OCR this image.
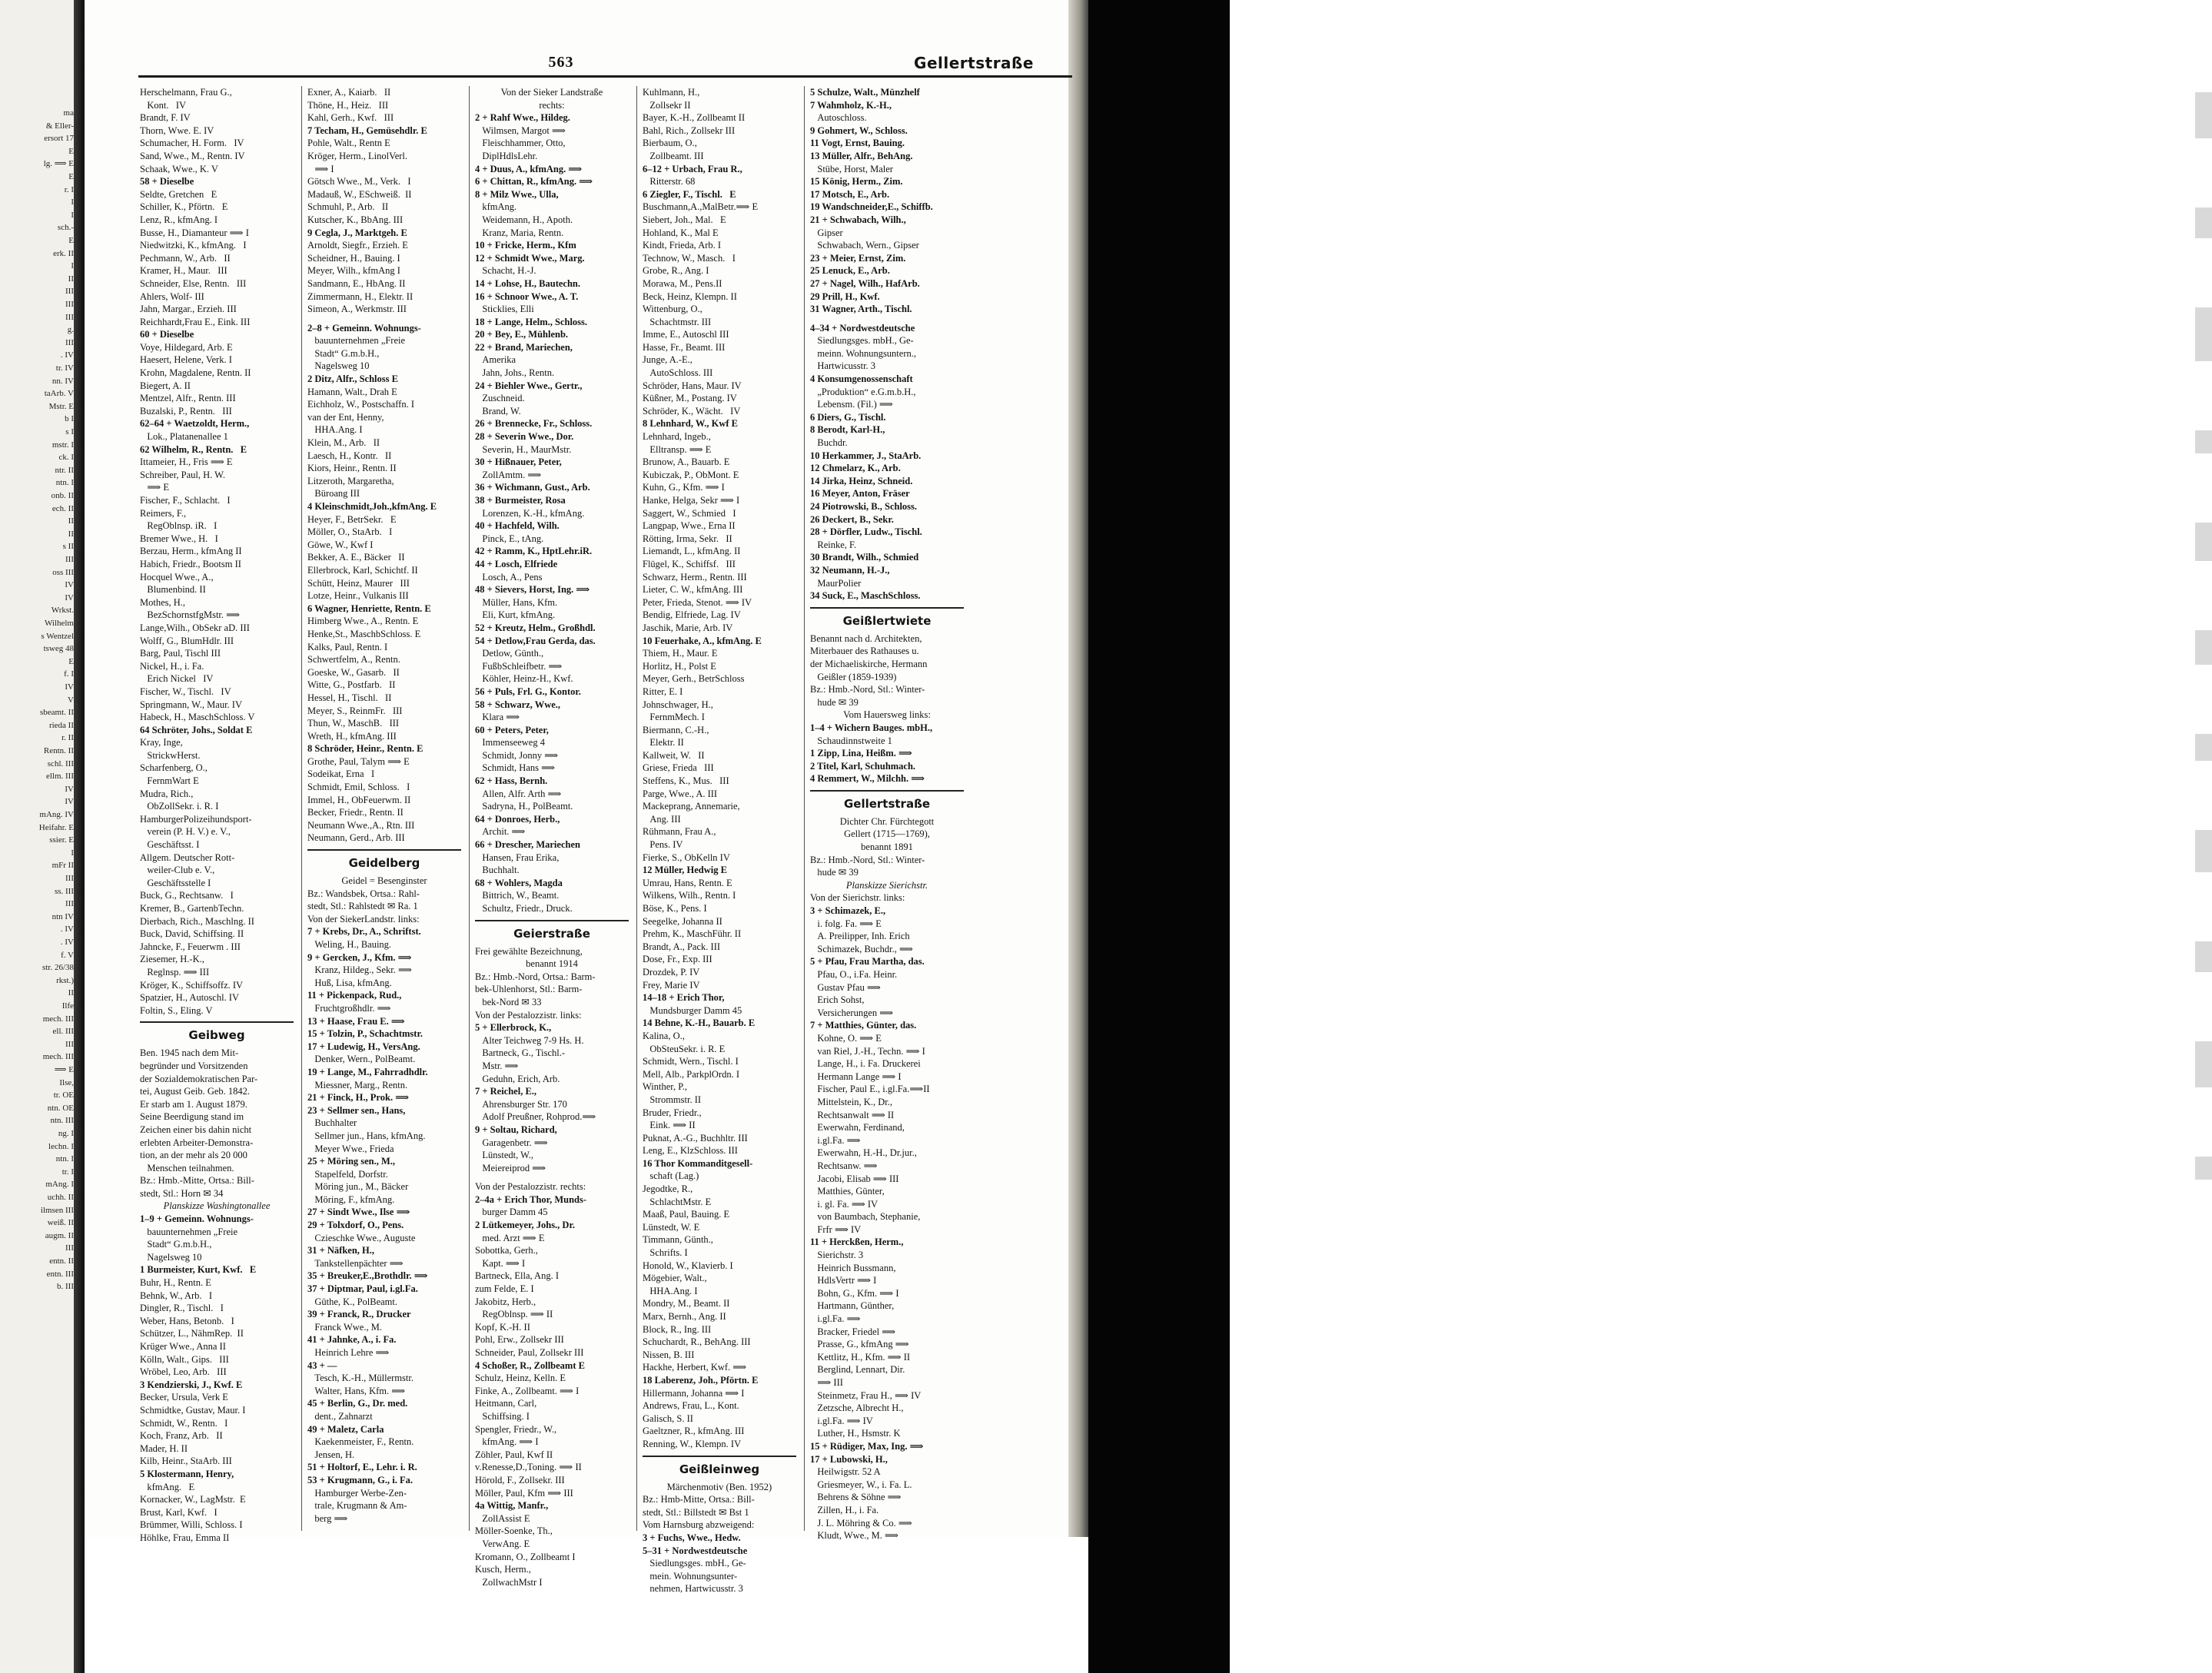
ma
& Eller-
ersort 17
E
lg. ⟹ E
E
r. I
I
I
sch.-
E
erk. II
I
II
III
III
III
g.
III
. IV
tr. IV
nn. IV
taArb. V
Mstr. E
b I
s I
mstr. I
ck. I
ntr. II
ntn. I
onb. II
ech. II
II
II
s II
III
oss III
IV
IV
Wrkst.
Wilhelm
s Wentzel
tsweg 48
E
f. I
IV
V
sbeamt. II
rieda II
r. II
Rentn. II
schl. III
ellm. III
IV
IV
mAng. IV
Heifahr. E
ssier. E
I
mFr II
III
ss. III
III
ntn IV
. IV
. IV
f. V
str. 26/38
rkst.)
II
Ilfe
mech. III
ell. III
III
mech. III
⟹ E
Ilse,
tr. OE
ntn. OE
ntn. III
ng. I
lechn. I
ntn. I
tr. I
mAng. I
uchh. II
ilmsen III
weiß. II
augm. II
III
entn. II
entn. III
b. III
563	Gellertstraße
Herschelmann, Frau G.,
Kont.   IV
Brandt, F. IV
Thorn, Wwe. E. IV
Schumacher, H. Form.   IV
Sand, Wwe., M., Rentn. IV
Schaak, Wwe., K. V
58 + Dieselbe
Seldte, Gretchen   E
Schiller, K., Pförtn.   E
Lenz, R., kfmAng. I
Busse, H., Diamanteur ⟹ I
Niedwitzki, K., kfmAng.   I
Pechmann, W., Arb.   II
Kramer, H., Maur.   III
Schneider, Else, Rentn.   III
Ahlers, Wolf- III
Jahn, Margar., Erzieh. III
Reichhardt,Frau E., Eink. III
60 + Dieselbe
Voye, Hildegard, Arb. E
Haesert, Helene, Verk. I
Krohn, Magdalene, Rentn. II
Biegert, A. II
Mentzel, Alfr., Rentn. III
Buzalski, P., Rentn.   III
62–64 + Waetzoldt, Herm.,
Lok., Platanenallee 1
62 Wilhelm, R., Rentn.   E
Ittameier, H., Fris ⟹ E
Schreiber, Paul, H. W.
⟹ E
Fischer, F., Schlacht.   I
Reimers, F.,
RegOblnsp. iR.   I
Bremer Wwe., H.   I
Berzau, Herm., kfmAng II
Habich, Friedr., Bootsm II
Hocquel Wwe., A.,
Blumenbind. II
Mothes, H.,
BezSchornstfgMstr. ⟹
Lange,Wilh., ObSekr aD. III
Wolff, G., BlumHdlr. III
Barg, Paul, Tischl III
Nickel, H., i. Fa.
Erich Nickel   IV
Fischer, W., Tischl.   IV
Springmann, W., Maur. IV
Habeck, H., MaschSchloss. V
64 Schröter, Johs., Soldat E
Kray, Inge,
StrickwHerst.
Scharfenberg, O.,
FernmWart E
Mudra, Rich.,
ObZollSekr. i. R. I
HamburgerPolizeihundsport-
verein (P. H. V.) e. V.,
Geschäftsst. I
Allgem. Deutscher Rott-
weiler-Club e. V.,
Geschäftsstelle I
Buck, G., Rechtsanw.   I
Kremer, B., GartenbTechn.
Dierbach, Rich., Maschlng. II
Buck, David, Schiffsing. II
Jahncke, F., Feuerwm . III
Ziesemer, H.-K.,
Reglnsp. ⟹ III
Kröger, K., Schiffsoffz. IV
Spatzier, H., Autoschl. IV
Foltin, S., Eling. V
Geibweg
Ben. 1945 nach dem Mit-
begründer und Vorsitzenden
der Sozialdemokratischen Par-
tei, August Geib. Geb. 1842.
Er starb am 1. August 1879.
Seine Beerdigung stand im
Zeichen einer bis dahin nicht
erlebten Arbeiter-Demonstra-
tion, an der mehr als 20 000
Menschen teilnahmen.
Bz.: Hmb.-Mitte, Ortsa.: Bill-
stedt, Stl.: Horn ✉ 34
Planskizze Washingtonallee
1–9 + Gemeinn. Wohnungs-
bauunternehmen „Freie
Stadt“ G.m.b.H.,
Nagelsweg 10
1 Burmeister, Kurt, Kwf.   E
Buhr, H., Rentn. E
Behnk, W., Arb.   I
Dingler, R., Tischl.   I
Weber, Hans, Betonb.   I
Schützer, L., NähmRep.  II
Krüger Wwe., Anna II
Kölln, Walt., Gips.   III
Wröbel, Leo, Arb.   III
3 Kendzierski, J., Kwf. E
Becker, Ursula, Verk E
Schmidtke, Gustav, Maur. I
Schmidt, W., Rentn.   I
Koch, Franz, Arb.   II
Mader, H. II
Kilb, Heinr., StaArb. III
5 Klostermann, Henry,
kfmAng.   E
Kornacker, W., LagMstr.  E
Brust, Karl, Kwf.   I
Brümmer, Willi, Schloss. I
Höhlke, Frau, Emma II
Exner, A., Kaiarb.   II
Thöne, H., Heiz.   III
Kahl, Gerh., Kwf.   III
7 Techam, H., Gemüsehdlr. E
Pohle, Walt., Rentn E
Kröger, Herm., LinolVerl.
⟹ I
Götsch Wwe., M., Verk.   I
Madauß, W., ESchweiß.  II
Schmuhl, P., Arb.   II
Kutscher, K., BbAng. III
9 Cegla, J., Marktgeh. E
Arnoldt, Siegfr., Erzieh. E
Scheidner, H., Bauing. I
Meyer, Wilh., kfmAng I
Sandmann, E., HbAng. II
Zimmermann, H., Elektr. II
Simeon, A., Werkmstr. III
2–8 + Gemeinn. Wohnungs-
bauunternehmen „Freie
Stadt“ G.m.b.H.,
Nagelsweg 10
2 Ditz, Alfr., Schloss E
Hamann, Walt., Drah E
Eichholz, W., Postschaffn. I
van der Ent, Henny,
HHA.Ang. I
Klein, M., Arb.   II
Laesch, H., Kontr.   II
Kiors, Heinr., Rentn. II
Litzeroth, Margaretha,
Büroang III
4 Kleinschmidt,Joh.,kfmAng. E
Heyer, F., BetrSekr.   E
Möller, O., StaArb.   I
Göwe, W., Kwf I
Bekker, A. E., Bäcker   II
Ellerbrock, Karl, Schichtf. II
Schütt, Heinz, Maurer   III
Lotze, Heinr., Vulkanis III
6 Wagner, Henriette, Rentn. E
Himberg Wwe., A., Rentn. E
Henke,St., MaschbSchloss. E
Kalks, Paul, Rentn. I
Schwertfelm, A., Rentn.
Goeske, W., Gasarb.   II
Witte, G., Postfarb.   II
Hessel, H., Tischl.   II
Meyer, S., ReinmFr.   III
Thun, W., MaschB.   III
Wreth, H., kfmAng. III
8 Schröder, Heinr., Rentn. E
Grothe, Paul, Talym ⟹ E
Sodeikat, Erna   I
Schmidt, Emil, Schloss.   I
Immel, H., ObFeuerwm. II
Becker, Friedr., Rentn. II
Neumann Wwe.,A., Rtn. III
Neumann, Gerd., Arb. III
Geidelberg
Geidel = Besenginster
Bz.: Wandsbek, Ortsa.: Rahl-
stedt, Stl.: Rahlstedt ✉ Ra. 1
Von der SiekerLandstr. links:
7 + Krebs, Dr., A., Schriftst.
Weling, H., Bauing.
9 + Gercken, J., Kfm. ⟹
Kranz, Hildeg., Sekr. ⟹
Huß, Lisa, kfmAng.
11 + Pickenpack, Rud.,
Fruchtgroßhdlr. ⟹
13 + Haase, Frau E. ⟹
15 + Tolzin, P., Schachtmstr.
17 + Ludewig, H., VersAng.
Denker, Wern., PolBeamt.
19 + Lange, M., Fahrradhdlr.
Miessner, Marg., Rentn.
21 + Finck, H., Prok. ⟹
23 + Sellmer sen., Hans,
Buchhalter
Sellmer jun., Hans, kfmAng.
Meyer Wwe., Frieda
25 + Möring sen., M.,
Stapelfeld, Dorfstr.
Möring jun., M., Bäcker
Möring, F., kfmAng.
27 + Sindt Wwe., Ilse ⟹
29 + Tolxdorf, O., Pens.
Czieschke Wwe., Auguste
31 + Näfken, H.,
Tankstellenpächter ⟹
35 + Breuker,E.,Brothdlr. ⟹
37 + Diptmar, Paul, i.gl.Fa.
Güthe, K., PolBeamt.
39 + Franck, R., Drucker
Franck Wwe., M.
41 + Jahnke, A., i. Fa.
Heinrich Lehre ⟹
43 + —
Tesch, K.-H., Müllermstr.
Walter, Hans, Kfm. ⟹
45 + Berlin, G., Dr. med.
dent., Zahnarzt
49 + Maletz, Carla
Kaekenmeister, F., Rentn.
Jensen, H.
51 + Holtorf, E., Lehr. i. R.
53 + Krugmann, G., i. Fa.
Hamburger Werbe-Zen-
trale, Krugmann & Am-
berg ⟹
Von der Sieker Landstraße
rechts:
2 + Rahf Wwe., Hildeg.
Wilmsen, Margot ⟹
Fleischhammer, Otto,
DiplHdlsLehr.
4 + Duus, A., kfmAng. ⟹
6 + Chittan, R., kfmAng. ⟹
8 + Milz Wwe., Ulla,
kfmAng.
Weidemann, H., Apoth.
Kranz, Maria, Rentn.
10 + Fricke, Herm., Kfm
12 + Schmidt Wwe., Marg.
Schacht, H.-J.
14 + Lohse, H., Bautechn.
16 + Schnoor Wwe., A. T.
Sticklies, Elli
18 + Lange, Helm., Schloss.
20 + Bey, E., Mühlenb.
22 + Brand, Mariechen,
Amerika
Jahn, Johs., Rentn.
24 + Biehler Wwe., Gertr.,
Zuschneid.
Brand, W.
26 + Brennecke, Fr., Schloss.
28 + Severin Wwe., Dor.
Severin, H., MaurMstr.
30 + Hißnauer, Peter,
ZollAmtm. ⟹
36 + Wichmann, Gust., Arb.
38 + Burmeister, Rosa
Lorenzen, K.-H., kfmAng.
40 + Hachfeld, Wilh.
Pinck, E., tAng.
42 + Ramm, K., HptLehr.iR.
44 + Losch, Elfriede
Losch, A., Pens
48 + Sievers, Horst, Ing. ⟹
Müller, Hans, Kfm.
Eli, Kurt, kfmAng.
52 + Kreutz, Helm., Großhdl.
54 + Detlow,Frau Gerda, das.
Detlow, Günth.,
FußbSchleifbetr. ⟹
Köhler, Heinz-H., Kwf.
56 + Puls, Frl. G., Kontor.
58 + Schwarz, Wwe.,
Klara ⟹
60 + Peters, Peter,
Immenseeweg 4
Schmidt, Jonny ⟹
Schmidt, Hans ⟹
62 + Hass, Bernh.
Allen, Alfr. Arth ⟹
Sadryna, H., PolBeamt.
64 + Donroes, Herb.,
Archit. ⟹
66 + Drescher, Mariechen
Hansen, Frau Erika,
Buchhalt.
68 + Wohlers, Magda
Bittrich, W., Beamt.
Schultz, Friedr., Druck.
Geierstraße
Frei gewählte Bezeichnung,
benannt 1914
Bz.: Hmb.-Nord, Ortsa.: Barm-
bek-Uhlenhorst, Stl.: Barm-
bek-Nord ✉ 33
Von der Pestalozzistr. links:
5 + Ellerbrock, K.,
Alter Teichweg 7-9 Hs. H.
Bartneck, G., Tischl.-
Mstr. ⟹
Geduhn, Erich, Arb.
7 + Reichel, E.,
Ahrensburger Str. 170
Adolf Preußner, Rohprod.⟹
9 + Soltau, Richard,
Garagenbetr. ⟹
Lünstedt, W.,
Meiereiprod ⟹
Von der Pestalozzistr. rechts:
2–4a + Erich Thor, Munds-
burger Damm 45
2 Lütkemeyer, Johs., Dr.
med. Arzt ⟹ E
Sobottka, Gerh.,
Kapt. ⟹ I
Bartneck, Ella, Ang. I
zum Felde, E. I
Jakobitz, Herb.,
RegOblnsp. ⟹ II
Kopf, K.-H. II
Pohl, Erw., Zollsekr III
Schneider, Paul, Zollsekr III
4 Schoßer, R., Zollbeamt E
Schulz, Heinz, Kelln. E
Finke, A., Zollbeamt. ⟹ I
Heitmann, Carl,
Schiffsing. I
Spengler, Friedr., W.,
kfmAng. ⟹ I
Zöhler, Paul, Kwf II
v.Renesse,D.,Toning. ⟹ II
Hörold, F., Zollsekr. III
Möller, Paul, Kfm ⟹ III
4a Wittig, Manfr.,
ZollAssist E
Möller-Soenke, Th.,
VerwAng. E
Kromann, O., Zollbeamt I
Kusch, Herm.,
ZollwachMstr I
Kuhlmann, H.,
Zollsekr II
Bayer, K.-H., Zollbeamt II
Bahl, Rich., Zollsekr III
Bierbaum, O.,
Zollbeamt. III
6–12 + Urbach, Frau R.,
Ritterstr. 68
6 Ziegler, F., Tischl.   E
Buschmann,A.,MalBetr.⟹ E
Siebert, Joh., Mal.   E
Hohland, K., Mal E
Kindt, Frieda, Arb. I
Technow, W., Masch.   I
Grobe, R., Ang. I
Morawa, M., Pens.II
Beck, Heinz, Klempn. II
Wittenburg, O.,
Schachtmstr. III
Imme, E., Autoschl III
Hasse, Fr., Beamt. III
Junge, A.-E.,
AutoSchloss. III
Schröder, Hans, Maur. IV
Küßner, M., Postang. IV
Schröder, K., Wächt.   IV
8 Lehnhard, W., Kwf E
Lehnhard, Ingeb.,
Elltransp. ⟹ E
Brunow, A., Bauarb. E
Kubiczak, P., ObMont. E
Kuhn, G., Kfm. ⟹ I
Hanke, Helga, Sekr ⟹ I
Saggert, W., Schmied   I
Langpap, Wwe., Erna II
Rötting, Irma, Sekr.   II
Liemandt, L., kfmAng. II
Flügel, K., Schiffsf.   III
Schwarz, Herm., Rentn. III
Lieter, C. W., kfmAng. III
Peter, Frieda, Stenot. ⟹ IV
Bendig, Elfriede, Lag. IV
Jaschik, Marie, Arb. IV
10 Feuerhake, A., kfmAng. E
Thiem, H., Maur. E
Horlitz, H., Polst E
Meyer, Gerh., BetrSchloss
Ritter, E. I
Johnschwager, H.,
FernmMech. I
Biermann, C.-H.,
Elektr. II
Kallweit, W.   II
Griese, Frieda   III
Steffens, K., Mus.   III
Parge, Wwe., A. III
Mackeprang, Annemarie,
Ang. III
Rühmann, Frau A.,
Pens. IV
Fierke, S., ObKelln IV
12 Müller, Hedwig E
Umrau, Hans, Rentn. E
Wilkens, Wilh., Rentn. I
Böse, K., Pens. I
Seegelke, Johanna II
Prehm, K., MaschFühr. II
Brandt, A., Pack. III
Dose, Fr., Exp. III
Drozdek, P. IV
Frey, Marie IV
14–18 + Erich Thor,
Mundsburger Damm 45
14 Behne, K.-H., Bauarb. E
Kalina, O.,
ObSteuSekr. i. R. E
Schmidt, Wern., Tischl. I
Mell, Alb., ParkplOrdn. I
Winther, P.,
Strommstr. II
Bruder, Friedr.,
Eink. ⟹ II
Puknat, A.-G., Buchhltr. III
Leng, E., KlzSchloss. III
16 Thor Kommanditgesell-
schaft (Lag.)
Jegodtke, R.,
SchlachtMstr. E
Maaß, Paul, Bauing. E
Lünstedt, W. E
Timmann, Günth.,
Schrifts. I
Honold, W., Klavierb. I
Mögebier, Walt.,
HHA.Ang. I
Mondry, M., Beamt. II
Marx, Bernh., Ang. II
Block, R., Ing. III
Schuchardt, R., BehAng. III
Nissen, B. III
Hackhe, Herbert, Kwf. ⟹
18 Laberenz, Joh., Pförtn. E
Hillermann, Johanna ⟹ I
Andrews, Frau, L., Kont.
Galisch, S. II
Gaeltzner, R., kfmAng. III
Renning, W., Klempn. IV
Geißleinweg
Märchenmotiv (Ben. 1952)
Bz.: Hmb-Mitte, Ortsa.: Bill-
stedt, Stl.: Billstedt ✉ Bst 1
Vom Harnsburg abzweigend:
3 + Fuchs, Wwe., Hedw.
5–31 + Nordwestdeutsche
Siedlungsges. mbH., Ge-
mein. Wohnungsunter-
nehmen, Hartwicusstr. 3
5 Schulze, Walt., Münzhelf
7 Wahmholz, K.-H.,
Autoschloss.
9 Gohmert, W., Schloss.
11 Vogt, Ernst, Bauing.
13 Müller, Alfr., BehAng.
Stübe, Horst, Maler
15 König, Herm., Zim.
17 Motsch, E., Arb.
19 Wandschneider,E., Schiffb.
21 + Schwabach, Wilh.,
Gipser
Schwabach, Wern., Gipser
23 + Meier, Ernst, Zim.
25 Lenuck, E., Arb.
27 + Nagel, Wilh., HafArb.
29 Prill, H., Kwf.
31 Wagner, Arth., Tischl.
4–34 + Nordwestdeutsche
Siedlungsges. mbH., Ge-
meinn. Wohnungsuntern.,
Hartwicusstr. 3
4 Konsumgenossenschaft
„Produktion“ e.G.m.b.H.,
Lebensm. (Fil.) ⟹
6 Diers, G., Tischl.
8 Berodt, Karl-H.,
Buchdr.
10 Herkammer, J., StaArb.
12 Chmelarz, K., Arb.
14 Jirka, Heinz, Schneid.
16 Meyer, Anton, Fräser
24 Piotrowski, B., Schloss.
26 Deckert, B., Sekr.
28 + Dörfler, Ludw., Tischl.
Reinke, F.
30 Brandt, Wilh., Schmied
32 Neumann, H.-J.,
MaurPolier
34 Suck, E., MaschSchloss.
Geißlertwiete
Benannt nach d. Architekten,
Miterbauer des Rathauses u.
der Michaeliskirche, Hermann
Geißler (1859-1939)
Bz.: Hmb.-Nord, Stl.: Winter-
hude ✉ 39
Vom Hauersweg links:
1–4 + Wichern Bauges. mbH.,
Schaudinnstweite 1
1 Zipp, Lina, Heißm. ⟹
2 Titel, Karl, Schuhmach.
4 Remmert, W., Milchh. ⟹
Gellertstraße
Dichter Chr. Fürchtegott
Gellert (1715—1769),
benannt 1891
Bz.: Hmb.-Nord, Stl.: Winter-
hude ✉ 39
Planskizze Sierichstr.
Von der Sierichstr. links:
3 + Schimazek, E.,
i. folg. Fa. ⟹ E
A. Preilipper, Inh. Erich
Schimazek, Buchdr., ⟹
5 + Pfau, Frau Martha, das.
Pfau, O., i.Fa. Heinr.
Gustav Pfau ⟹
Erich Sohst,
Versicherungen ⟹
7 + Matthies, Günter, das.
Kohne, O. ⟹ E
van Riel, J.-H., Techn. ⟹ I
Lange, H., i. Fa. Druckerei
Hermann Lange ⟹ I
Fischer, Paul E., i.gl.Fa.⟹II
Mittelstein, K., Dr.,
Rechtsanwalt ⟹ II
Ewerwahn, Ferdinand,
i.gl.Fa. ⟹
Ewerwahn, H.-H., Dr.jur.,
Rechtsanw. ⟹
Jacobi, Elisab ⟹ III
Matthies, Günter,
i. gl. Fa. ⟹ IV
von Baumbach, Stephanie,
Frfr ⟹ IV
11 + Herckßen, Herm.,
Sierichstr. 3
Heinrich Bussmann,
HdlsVertr ⟹ I
Bohn, G., Kfm. ⟹ I
Hartmann, Günther,
i.gl.Fa. ⟹
Bracker, Friedel ⟹
Prasse, G., kfmAng ⟹
Kettlitz, H., Kfm. ⟹ II
Berglind, Lennart, Dir.
⟹ III
Steinmetz, Frau H., ⟹ IV
Zetzsche, Albrecht H.,
i.gl.Fa. ⟹ IV
Luther, H., Hsmstr. K
15 + Rüdiger, Max, Ing. ⟹
17 + Lubowski, H.,
Heilwigstr. 52 A
Griesmeyer, W., i. Fa. L.
Behrens & Söhne ⟹
Zillen, H., i. Fa.
J. L. Möhring & Co. ⟹
Kludt, Wwe., M. ⟹
